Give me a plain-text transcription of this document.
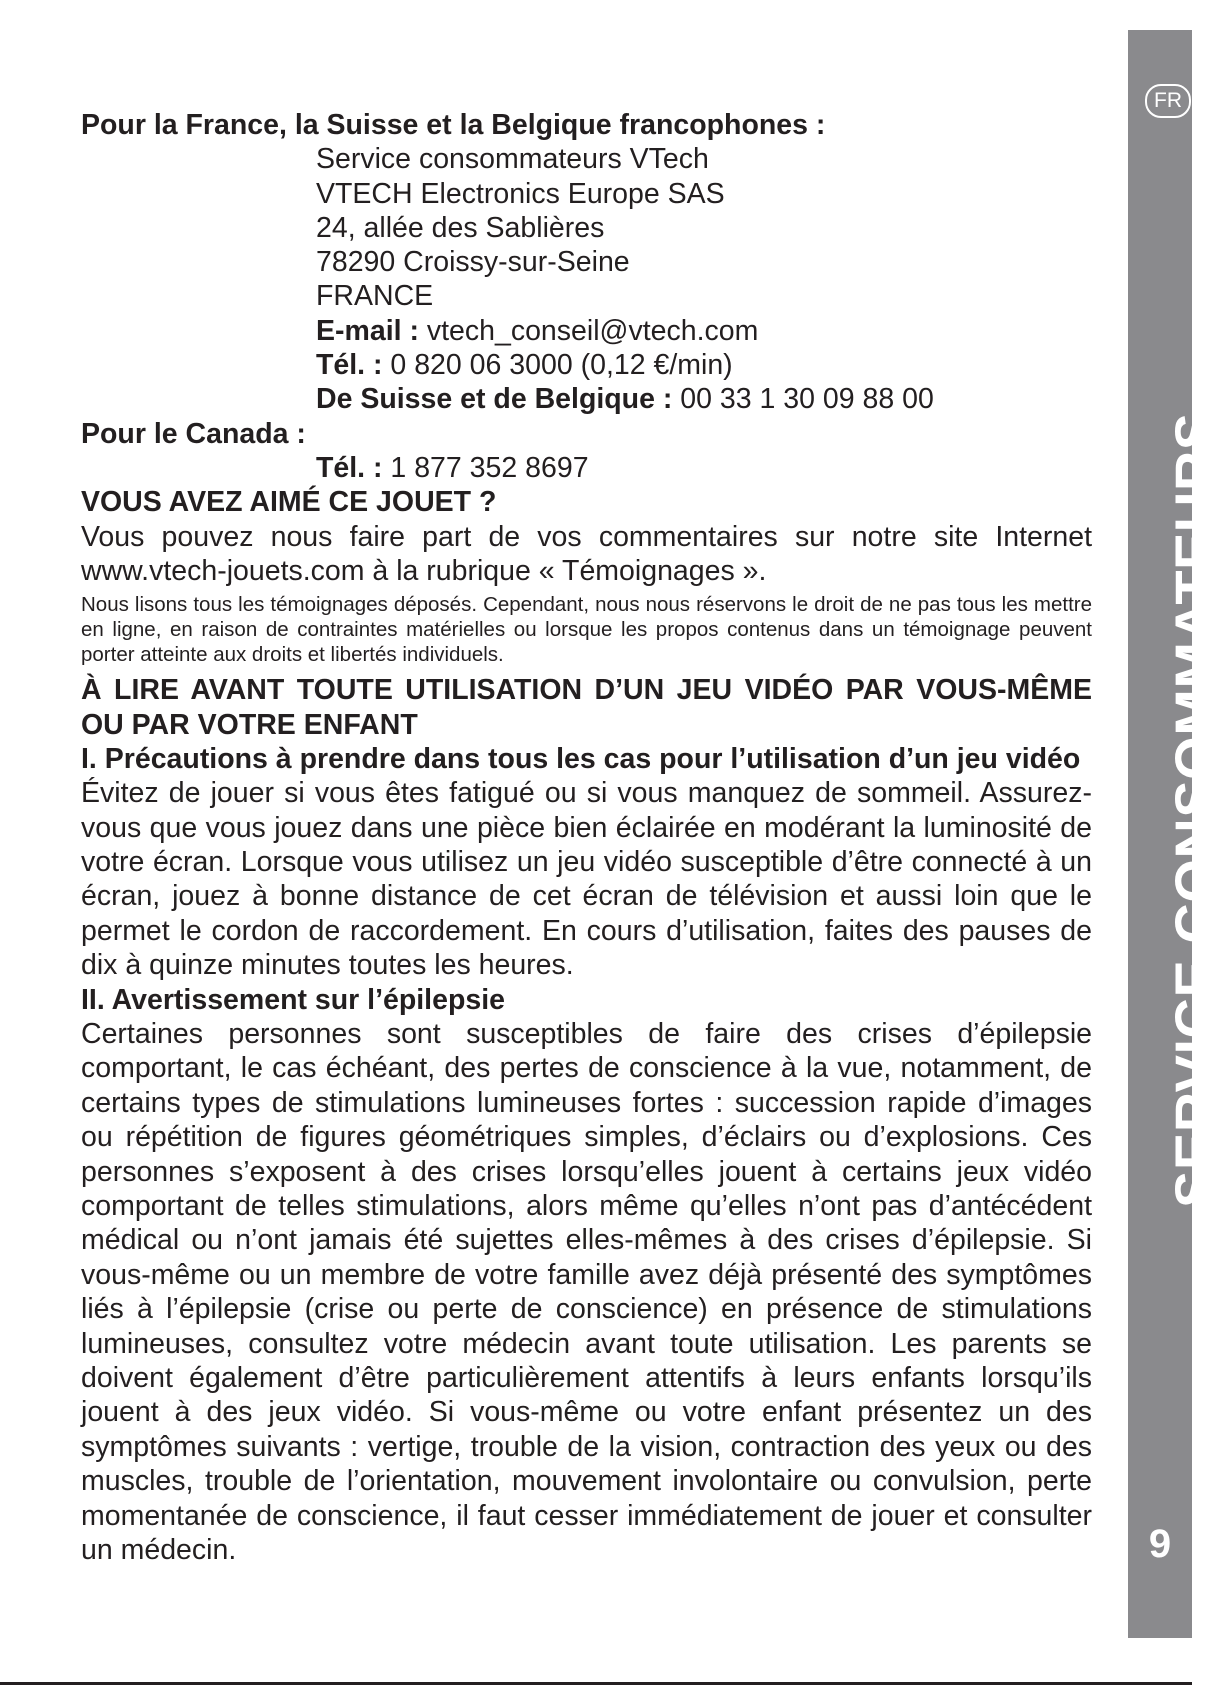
Pour la France, la Suisse et la Belgique francophones :

Service consommateurs VTech

VTECH Electronics Europe SAS

24, allée des Sablières

78290 Croissy-sur-Seine

FRANCE

E-mail : vtech_conseil@vtech.com

Tél. : 0 820 06 3000 (0,12 €/min)

De Suisse et de Belgique : 00 33 1 30 09 88 00

Pour le Canada :

Tél. : 1 877 352 8697

VOUS AVEZ AIMÉ CE JOUET ?

Vous pouvez nous faire part de vos commentaires sur notre site Internet www.vtech-jouets.com à la rubrique « Témoignages ».

Nous lisons tous les témoignages déposés. Cependant, nous nous réservons le droit de ne pas tous les mettre en ligne, en raison de contraintes matérielles ou lorsque les propos contenus dans un témoignage peuvent porter atteinte aux droits et libertés individuels.

À LIRE AVANT TOUTE UTILISATION D’UN JEU VIDÉO PAR VOUS-MÊME OU PAR VOTRE ENFANT

I. Précautions à prendre dans tous les cas pour l’utilisation d’un jeu vidéo

Évitez de jouer si vous êtes fatigué ou si vous manquez de sommeil. Assurez-vous que vous jouez dans une pièce bien éclairée en modérant la luminosité de votre écran. Lorsque vous utilisez un jeu vidéo susceptible d’être connecté à un écran, jouez à bonne distance de cet écran de télévision et aussi loin que le permet le cordon de raccordement. En cours d’utilisation, faites des pauses de dix à quinze minutes toutes les heures.

II. Avertissement sur l’épilepsie

Certaines personnes sont susceptibles de faire des crises d’épilepsie comportant, le cas échéant, des pertes de conscience à la vue, notamment, de certains types de stimulations lumineuses fortes : succession rapide d’images ou répétition de figures géométriques simples, d’éclairs ou d’explosions. Ces personnes s’exposent à des crises lorsqu’elles jouent à certains jeux vidéo comportant de telles stimulations, alors même qu’elles n’ont pas d’antécédent médical ou n’ont jamais été sujettes elles-mêmes à des crises d’épilepsie. Si vous-même ou un membre de votre famille avez déjà présenté des symptômes liés à l’épilepsie (crise ou perte de conscience) en présence de stimulations lumineuses, consultez votre médecin avant toute utilisation. Les parents se doivent également d’être particulièrement attentifs à leurs enfants lorsqu’ils jouent à des jeux vidéo. Si vous-même ou votre enfant présentez un des symptômes suivants : vertige, trouble de la vision, contraction des yeux ou des muscles, trouble de l’orientation, mouvement involontaire ou convulsion, perte momentanée de conscience, il faut cesser immédiatement de jouer et consulter un médecin.

FR
SERVICE CONSOMMATEURS
9
